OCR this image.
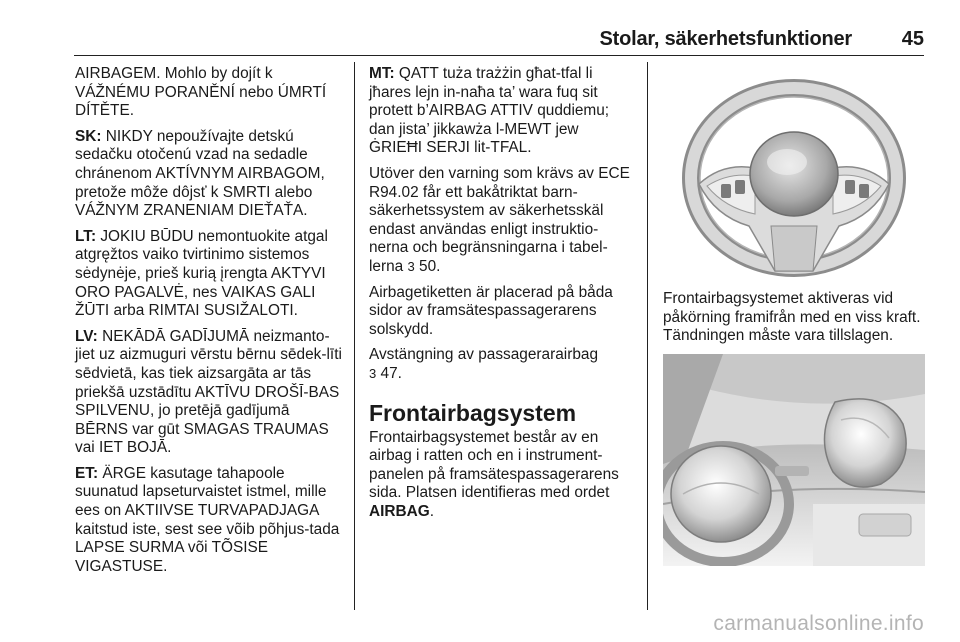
Stolar, säkerhetsfunktioner 45

AIRBAGEM. Mohlo by dojít k
VÁŽNÉMU PORANĚNÍ nebo ÚMRTÍ DÍTĚTE.

SK: NIKDY nepoužívajte detskú sedačku otočenú vzad na sedadle chránenom AKTÍVNYM AIRBAGOM, pretože môže dôjsť k SMRTI alebo VÁŽNYM ZRANENIAM DIEŤAŤA.

LT: JOKIU BŪDU nemontuokite atgal atgręžtos vaiko tvirtinimo sistemos sėdynėje, prieš kurią įrengta AKTYVI ORO PAGALVĖ, nes VAIKAS GALI ŽŪTI arba RIMTAI SUSIŽALOTI.

LV: NEKĀDĀ GADĪJUMĀ neizmanto-jiet uz aizmuguri vērstu bērnu sēdek-līti sēdvietā, kas tiek aizsargāta ar tās priekšā uzstādītu AKTĪVU DROŠĪ-BAS SPILVENU, jo pretējā gadījumā BĒRNS var gūt SMAGAS TRAUMAS vai IET BOJĀ.

ET: ÄRGE kasutage tahapoole suunatud lapseturvaistet istmel, mille ees on AKTIIVSE TURVAPADJAGA kaitstud iste, sest see võib põhjus-tada LAPSE SURMA või TÕSISE VIGASTUSE.

MT: QATT tuża trażżin għat-tfal li jħares lejn in-naħa ta’ wara fuq sit protett b’AIRBAG ATTIV quddiemu; dan jista’ jikkawża l-MEWT jew ĠRIEĦI SERJI lit-TFAL.

Utöver den varning som krävs av ECE R94.02 får ett bakåtriktat barn-säkerhetssystem av säkerhetsskäl endast användas enligt instruktio-nerna och begränsningarna i tabel-lerna 3 50.

Airbagetiketten är placerad på båda sidor av framsätespassagerarens solskydd.

Avstängning av passagerarairbag
3 47.

Frontairbagsystem

Frontairbagsystemet består av en airbag i ratten och en i instrument-panelen på framsätespassagerarens sida. Platsen identifieras med ordet AIRBAG.

Frontairbagsystemet aktiveras vid påkörning framifrån med en viss kraft. Tändningen måste vara tillslagen.

carmanualsonline.info
